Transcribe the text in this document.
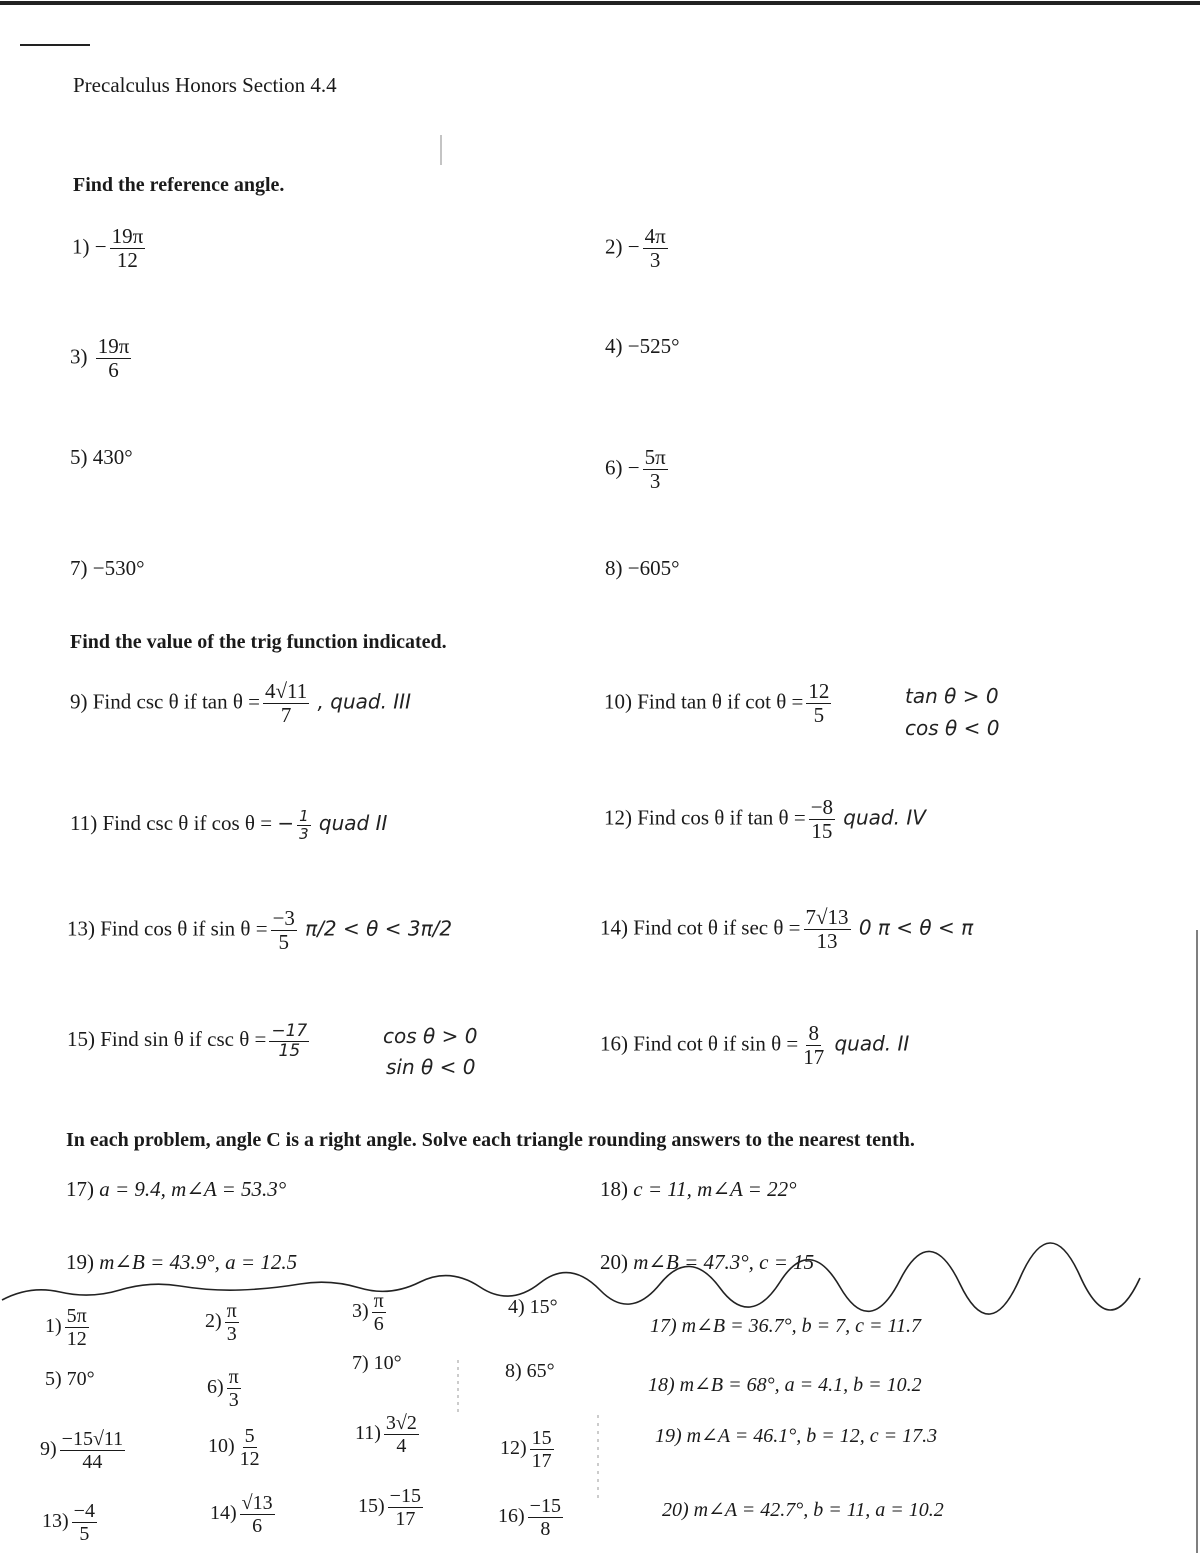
Precalculus Honors Section 4.4
Find the reference angle.
$1) - \frac{19\pi}{12}$	$2) - \frac{4\pi}{3}$
$3) \frac{19\pi}{6}$	4) −525°
5) 430°	$6) - \frac{5\pi}{3}$
7) −530°	8) −605°
Find the value of the trig function indicated.
9) Find csc θ if $\tan \theta = \frac{4√11}{7}$ , quad. III	10) Find tan θ if $\cot \theta = \frac{12}{5}$	tan θ > 0
cos θ < 0
11) Find csc θ if cos θ = − $\frac{1}{3}$ quad II	12) Find cos θ if $\tan \theta = \frac{-8}{15}$ quad. IV
13) Find cos θ if $\sin \theta = \frac{-3}{5} \pi/2 < \theta < 3\pi/2$	14) Find cot θ if $\sec \theta = \frac{7√13}{13} 0$ π < θ < π
15) Find sin θ if $\csc \theta = \frac{-17}{15}$	cos θ > 0
sin θ < 0
16) Find cot θ if $\sin \theta = \frac{8}{17}$ quad. II
In each problem, angle C is a right angle. Solve each triangle rounding answers to the nearest tenth.
17) a = 9.4, m∠A = 53.3°	18) c = 11, m∠A = 22°
19) m∠B = 43.9°, a = 12.5	20) m∠B = 47.3°, c = 15
$1) \frac{5\pi}{12}$	$2) \frac{\pi}{3}$	$3) \frac{\pi}{6}$	4) 15°
5) 70°	$6) \frac{\pi}{3}$
7) 10°	8) 65°
$9) \frac{-15√11}{44}$	$10) \frac{5}{12}$	$11) \frac{3√2}{4}$	$12) \frac{15}{17}$
$13) \frac{-4}{5}$	$14) \frac{√13}{6}$	$15) \frac{-15}{17}$	$16) \frac{-15}{8}$
17) m∠B = 36.7°, b = 7, c = 11.7
18) m∠B = 68°, a = 4.1, b = 10.2
19) m∠A = 46.1°, b = 12, c = 17.3
20) m∠A = 42.7°, b = 11, a = 10.2
